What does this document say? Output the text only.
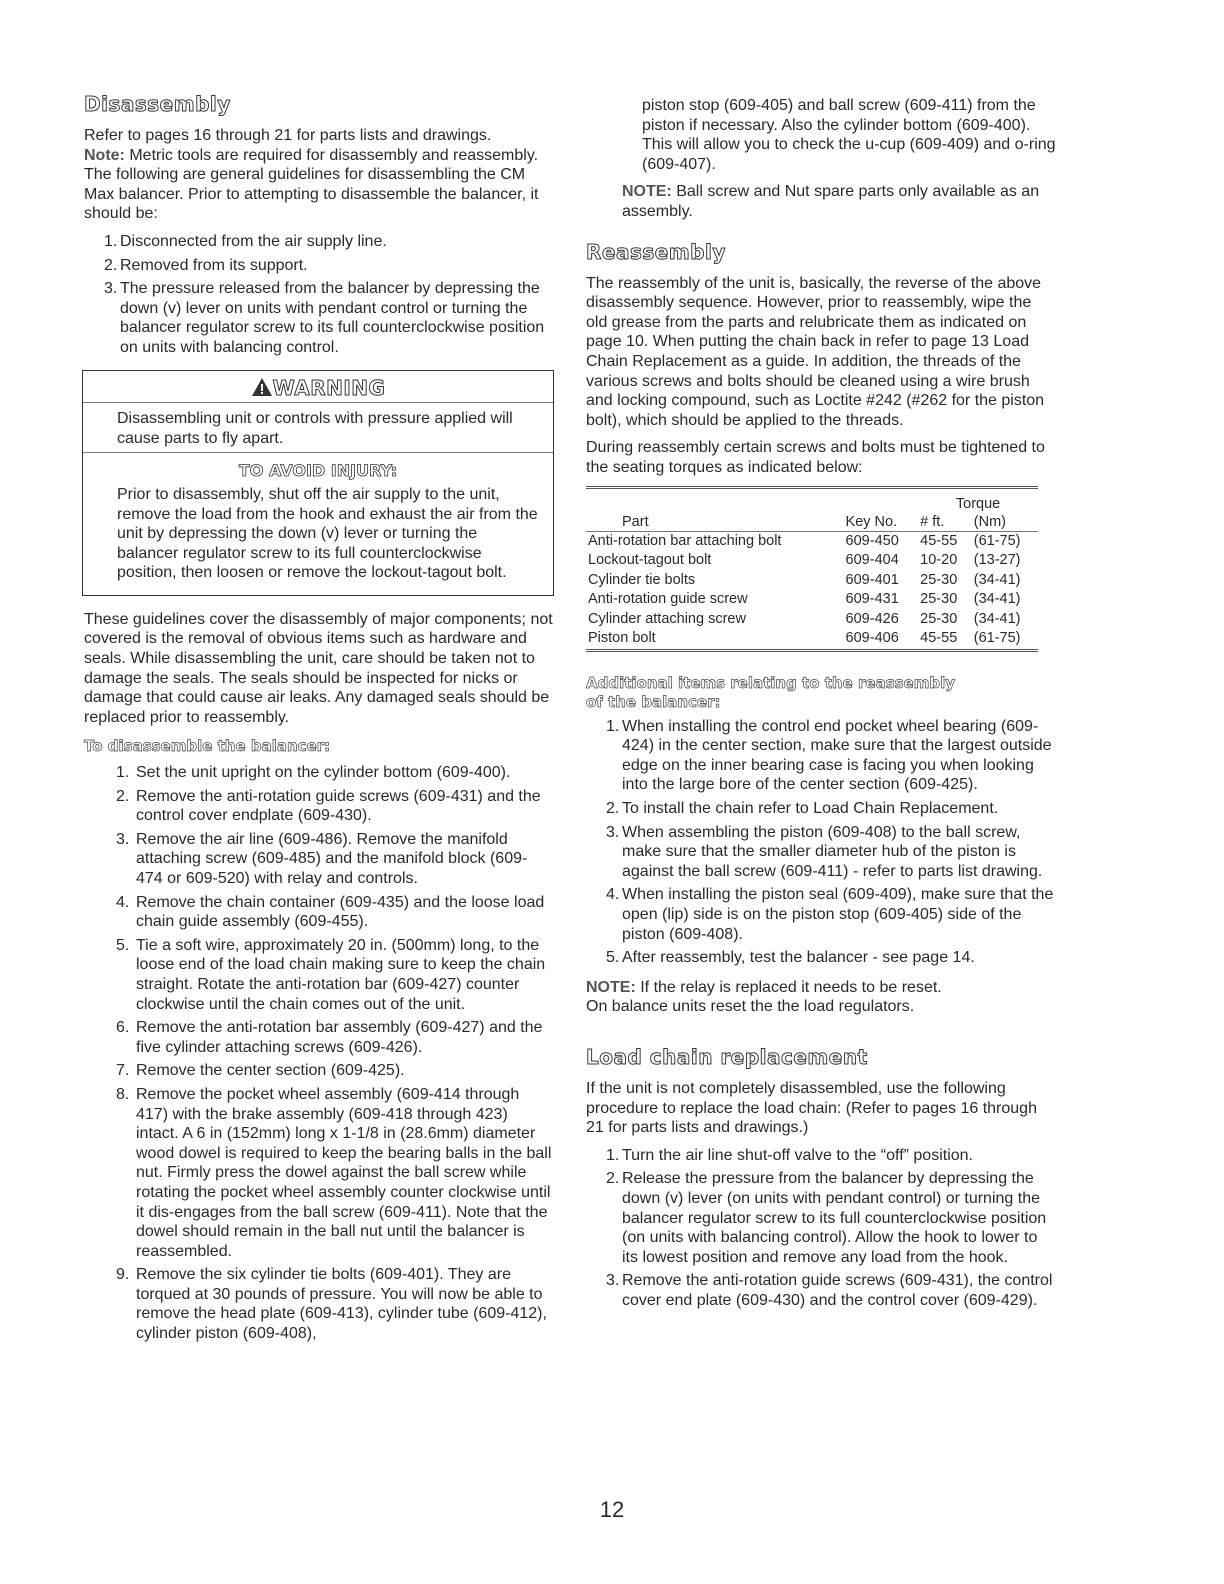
Disassembly

Refer to pages 16 through 21 for parts lists and drawings.

Note: Metric tools are required for disassembly and reassembly. The following are general guidelines for disassembling the CM Max balancer. Prior to attempting to disassemble the balancer, it should be:

1. Disconnected from the air supply line.
2. Removed from its support.
3. The pressure released from the balancer by depressing the down (v) lever on units with pendant control or turning the balancer regulator screw to its full counterclockwise position on units with balancing control.
WARNING
Disassembling unit or controls with pressure applied will cause parts to fly apart.
TO AVOID INJURY:
Prior to disassembly, shut off the air supply to the unit, remove the load from the hook and exhaust the air from the unit by depressing the down (v) lever or turning the balancer regulator screw to its full counterclockwise position, then loosen or remove the lockout-tagout bolt.

These guidelines cover the disassembly of major components; not covered is the removal of obvious items such as hardware and seals. While disassembling the unit, care should be taken not to damage the seals. The seals should be inspected for nicks or damage that could cause air leaks. Any damaged seals should be replaced prior to reassembly.

To disassemble the balancer:
1. Set the unit upright on the cylinder bottom (609-400).
2. Remove the anti-rotation guide screws (609-431) and the control cover endplate (609-430).
3. Remove the air line (609-486). Remove the manifold attaching screw (609-485) and the manifold block (609-474 or 609-520) with relay and controls.
4. Remove the chain container (609-435) and the loose load chain guide assembly (609-455).
5. Tie a soft wire, approximately 20 in. (500mm) long, to the loose end of the load chain making sure to keep the chain straight. Rotate the anti-rotation bar (609-427) counter clockwise until the chain comes out of the unit.
6. Remove the anti-rotation bar assembly (609-427) and the five cylinder attaching screws (609-426).
7. Remove the center section (609-425).
8. Remove the pocket wheel assembly (609-414 through 417) with the brake assembly (609-418 through 423) intact. A 6 in (152mm) long x 1-1/8 in (28.6mm) diameter wood dowel is required to keep the bearing balls in the ball nut. Firmly press the dowel against the ball screw while rotating the pocket wheel assembly counter clockwise until it dis-engages from the ball screw (609-411). Note that the dowel should remain in the ball nut until the balancer is reassembled.
9. Remove the six cylinder tie bolts (609-401). They are torqued at 30 pounds of pressure. You will now be able to remove the head plate (609-413), cylinder tube (609-412), cylinder piston (609-408),

piston stop (609-405) and ball screw (609-411) from the piston if necessary. Also the cylinder bottom (609-400). This will allow you to check the u-cup (609-409) and o-ring (609-407).

NOTE: Ball screw and Nut spare parts only available as an assembly.

Reassembly

The reassembly of the unit is, basically, the reverse of the above disassembly sequence. However, prior to reassembly, wipe the old grease from the parts and relubricate them as indicated on page 10. When putting the chain back in refer to page 13 Load Chain Replacement as a guide. In addition, the threads of the various screws and bolts should be cleaned using a wire brush and locking compound, such as Loctite #242 (#262 for the piston bolt), which should be applied to the threads.

During reassembly certain screws and bolts must be tightened to the seating torques as indicated below:

		Torque	
Part	Key No.	# ft.	(Nm)
Anti-rotation bar attaching bolt	609-450	45-55	(61-75)
Lockout-tagout bolt	609-404	10-20	(13-27)
Cylinder tie bolts	609-401	25-30	(34-41)
Anti-rotation guide screw	609-431	25-30	(34-41)
Cylinder attaching screw	609-426	25-30	(34-41)
Piston bolt	609-406	45-55	(61-75)
Additional items relating to the reassembly
of the balancer:
1. When installing the control end pocket wheel bearing (609-424) in the center section, make sure that the largest outside edge on the inner bearing case is facing you when looking into the large bore of the center section (609-425).
2. To install the chain refer to Load Chain Replacement.
3. When assembling the piston (609-408) to the ball screw, make sure that the smaller diameter hub of the piston is against the ball screw (609-411) - refer to parts list drawing.
4. When installing the piston seal (609-409), make sure that the open (lip) side is on the piston stop (609-405) side of the piston (609-408).
5. After reassembly, test the balancer - see page 14.

NOTE: If the relay is replaced it needs to be reset.
On balance units reset the the load regulators.

Load chain replacement

If the unit is not completely disassembled, use the following procedure to replace the load chain: (Refer to pages 16 through 21 for parts lists and drawings.)

1. Turn the air line shut-off valve to the “off” position.
2. Release the pressure from the balancer by depressing the down (v) lever (on units with pendant control) or turning the balancer regulator screw to its full counterclockwise position (on units with balancing control). Allow the hook to lower to its lowest position and remove any load from the hook.
3. Remove the anti-rotation guide screws (609-431), the control cover end plate (609-430) and the control cover (609-429).
12
